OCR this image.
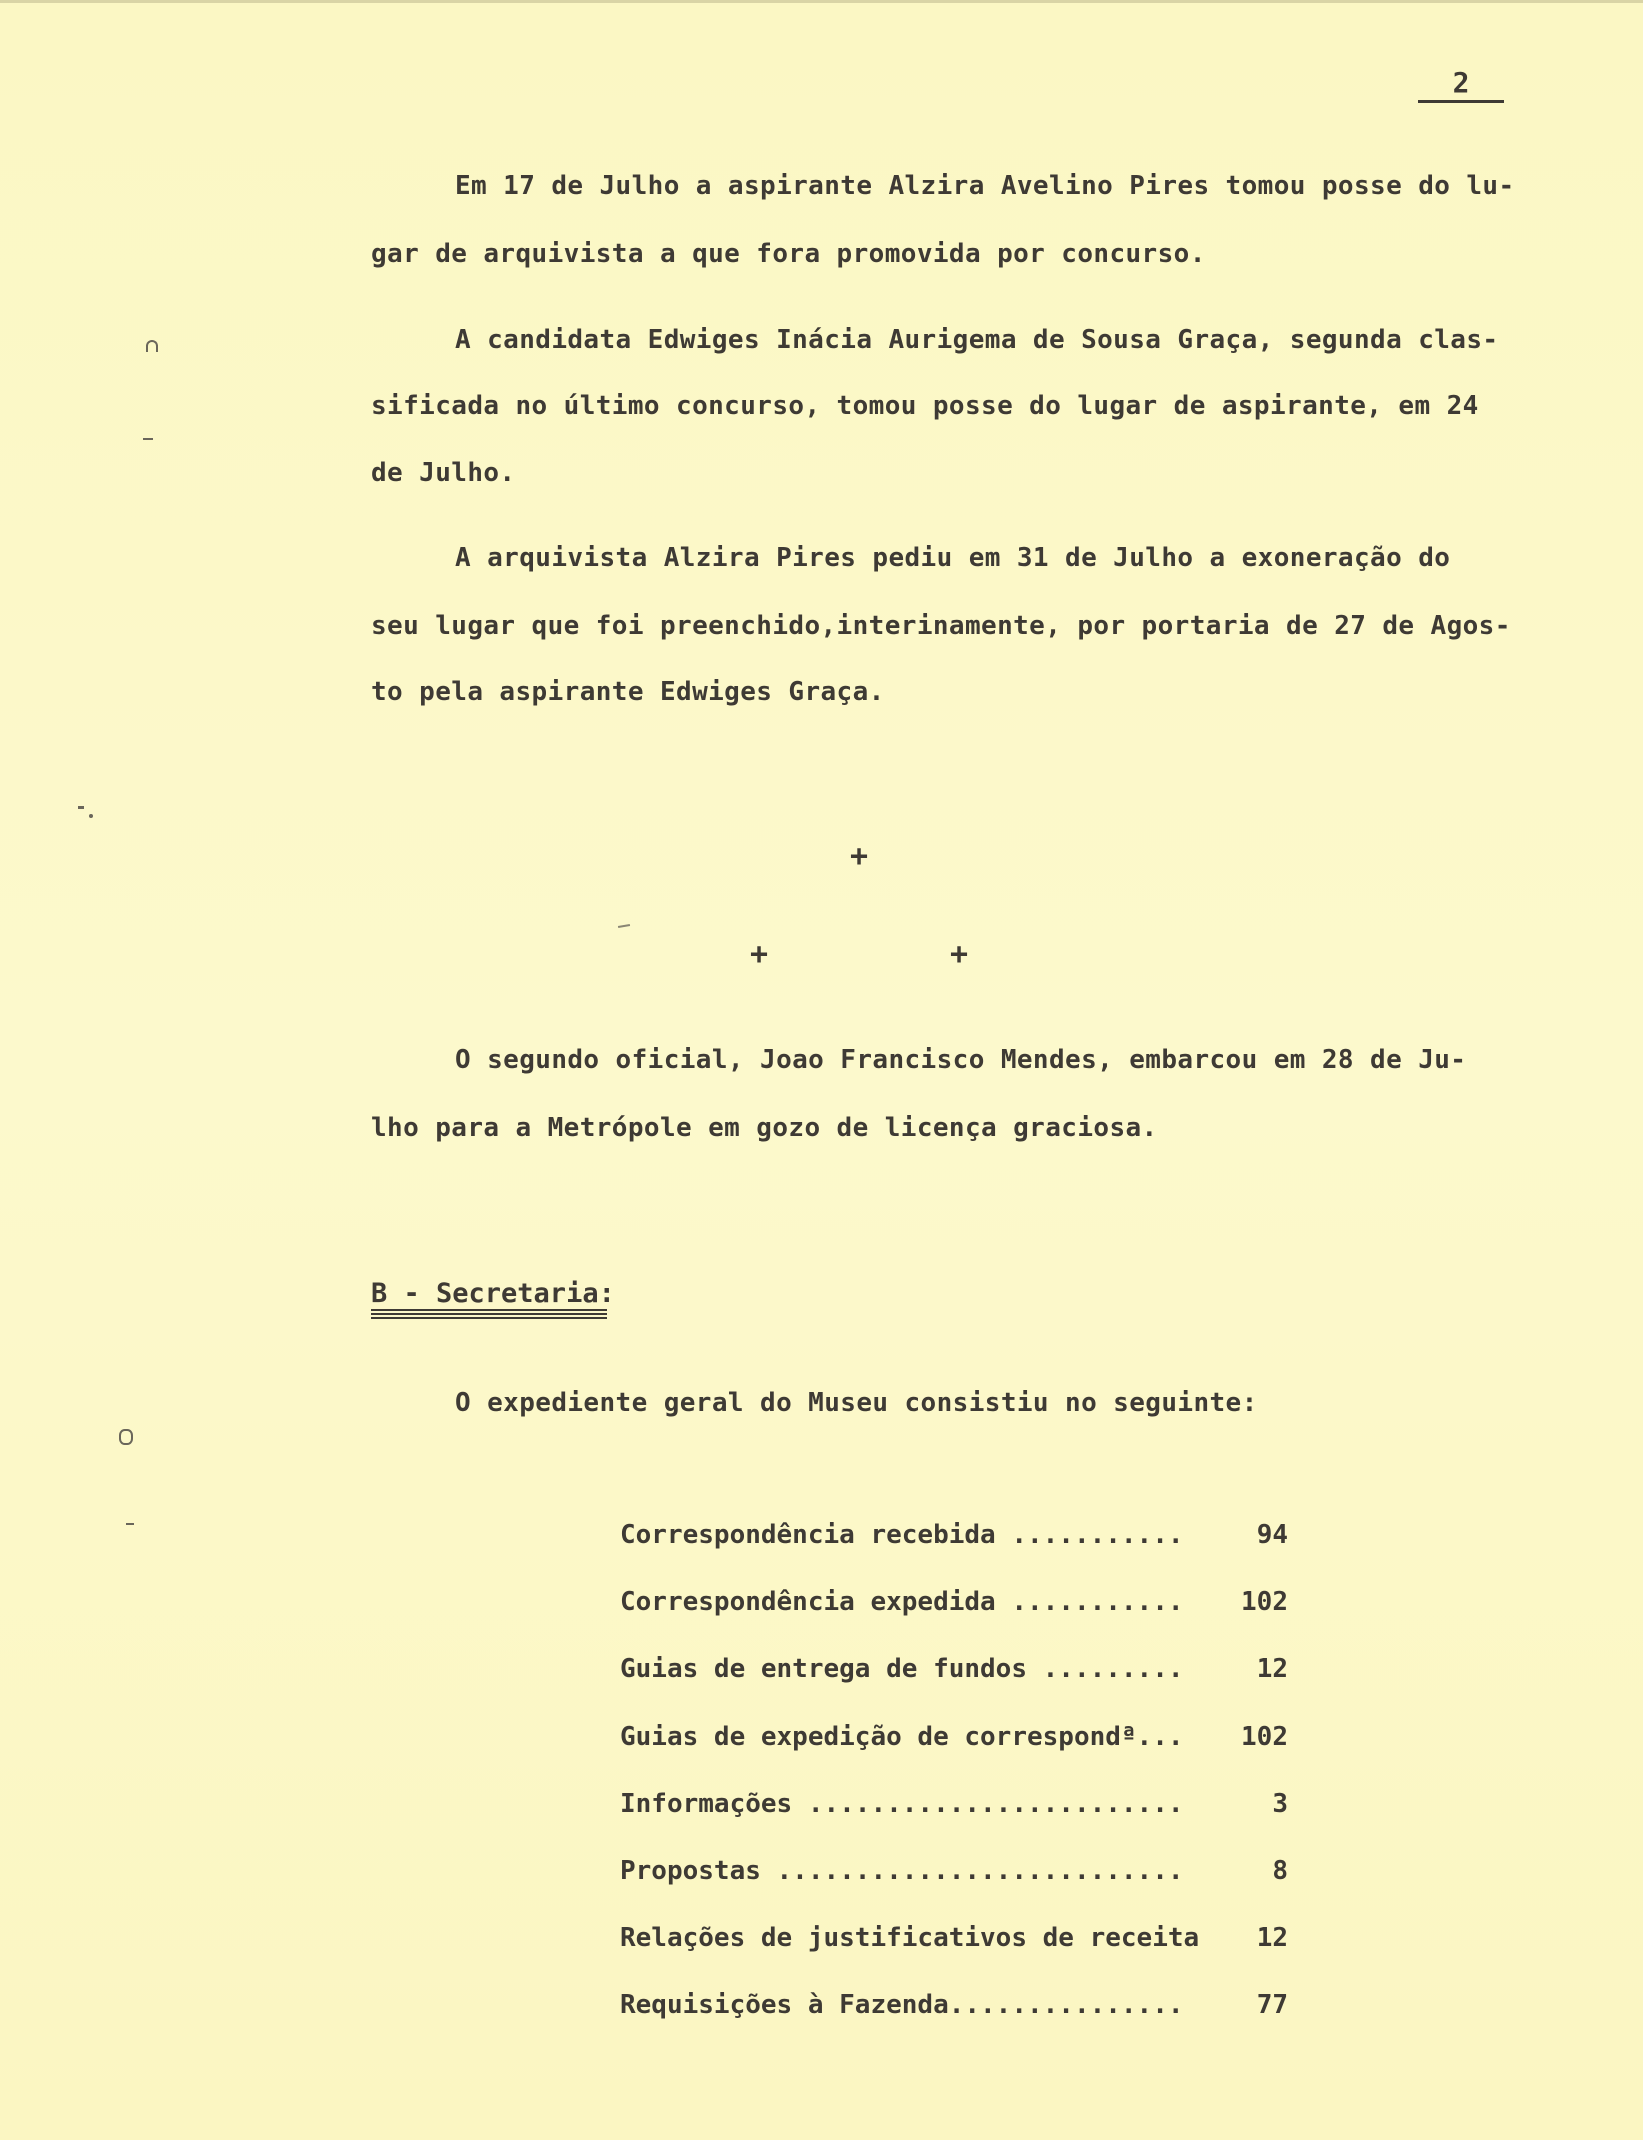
2
Em 17 de Julho a aspirante Alzira Avelino Pires tomou posse do lu-
gar de arquivista a que fora promovida por concurso.
A candidata Edwiges Inácia Aurigema de Sousa Graça, segunda clas-
sificada no último concurso, tomou posse do lugar de aspirante, em 24
de Julho.
A arquivista Alzira Pires pediu em 31 de Julho a exoneração do
seu lugar que foi preenchido,interinamente, por portaria de 27 de Agos-
to pela aspirante Edwiges Graça.
+
+	+
O segundo oficial, Joao Francisco Mendes, embarcou em 28 de Ju-
lho para a Metrópole em gozo de licença graciosa.
B - Secretaria:
O expediente geral do Museu consistiu no seguinte:
Correspondência recebida ...........	94
Correspondência expedida ........... 102
Guias de entrega de fundos .........	12
Guias de expedição de correspondª... 102
Informações ........................	3
Propostas ..........................	8
Relações de justificativos de receita 12
Requisições à Fazenda...............	77
